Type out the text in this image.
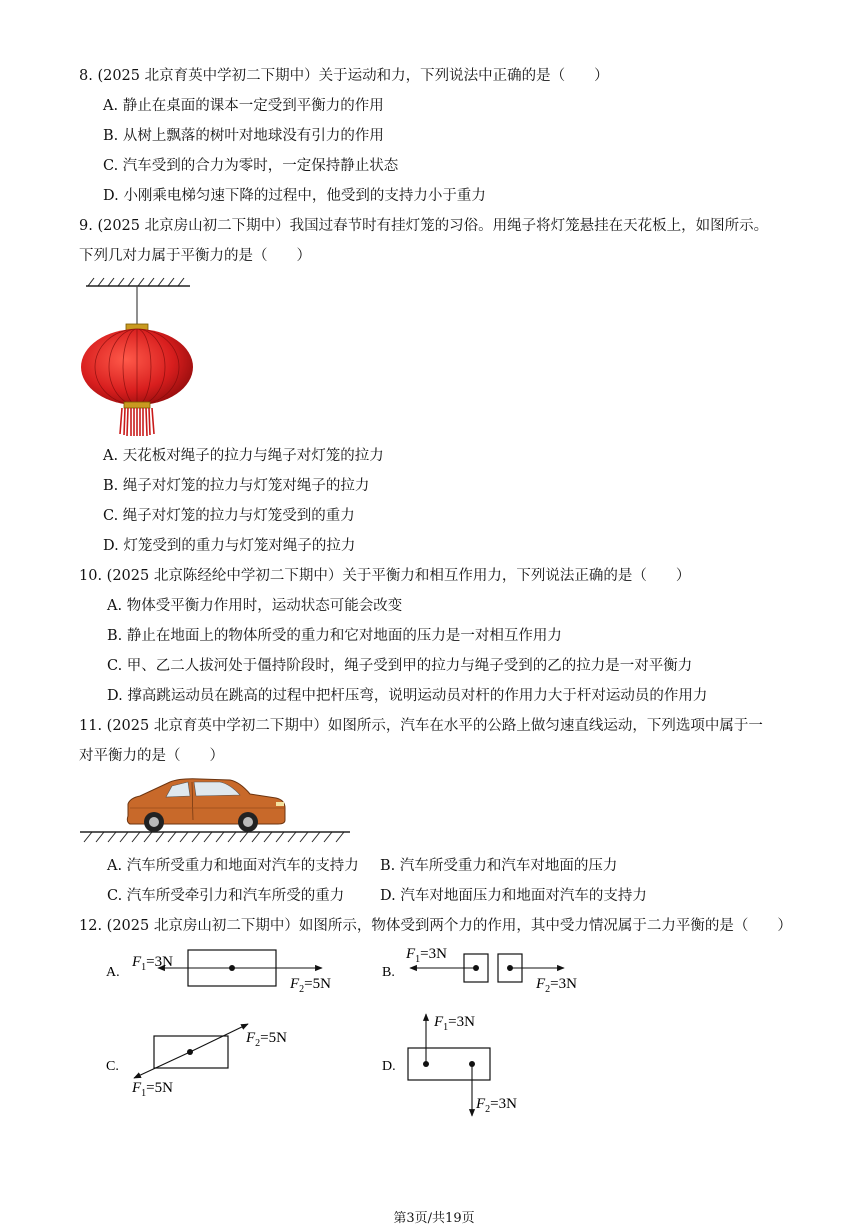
8. (2025 北京育英中学初二下期中）关于运动和力，下列说法中正确的是（　　）
A. 静止在桌面的课本一定受到平衡力的作用
B. 从树上飘落的树叶对地球没有引力的作用
C. 汽车受到的合力为零时，一定保持静止状态
D. 小刚乘电梯匀速下降的过程中，他受到的支持力小于重力
9. (2025 北京房山初二下期中）我国过春节时有挂灯笼的习俗。用绳子将灯笼悬挂在天花板上，如图所示。
下列几对力属于平衡力的是（　　）
A. 天花板对绳子的拉力与绳子对灯笼的拉力
B. 绳子对灯笼的拉力与灯笼对绳子的拉力
C. 绳子对灯笼的拉力与灯笼受到的重力
D. 灯笼受到的重力与灯笼对绳子的拉力
10. (2025 北京陈经纶中学初二下期中）关于平衡力和相互作用力，下列说法正确的是（　　）
A. 物体受平衡力作用时，运动状态可能会改变
B. 静止在地面上的物体所受的重力和它对地面的压力是一对相互作用力
C. 甲、乙二人拔河处于僵持阶段时，绳子受到甲的拉力与绳子受到的乙的拉力是一对平衡力
D. 撑高跳运动员在跳高的过程中把杆压弯，说明运动员对杆的作用力大于杆对运动员的作用力
11. (2025 北京育英中学初二下期中）如图所示，汽车在水平的公路上做匀速直线运动，下列选项中属于一
对平衡力的是（　　）
A. 汽车所受重力和地面对汽车的支持力 B. 汽车所受重力和汽车对地面的压力
C. 汽车所受牵引力和汽车所受的重力 D. 汽车对地面压力和地面对汽车的支持力
12. (2025 北京房山初二下期中）如图所示，物体受到两个力的作用，其中受力情况属于二力平衡的是（　　）
A.
$F_1=3N$
$F_2=5N$
B.
$F_1=3N$
$F_2=3N$
C.
$F_2=5N$
$F_1=5N$
D.
$F_1=3N$
$F_2=3N$
第3页/共19页
